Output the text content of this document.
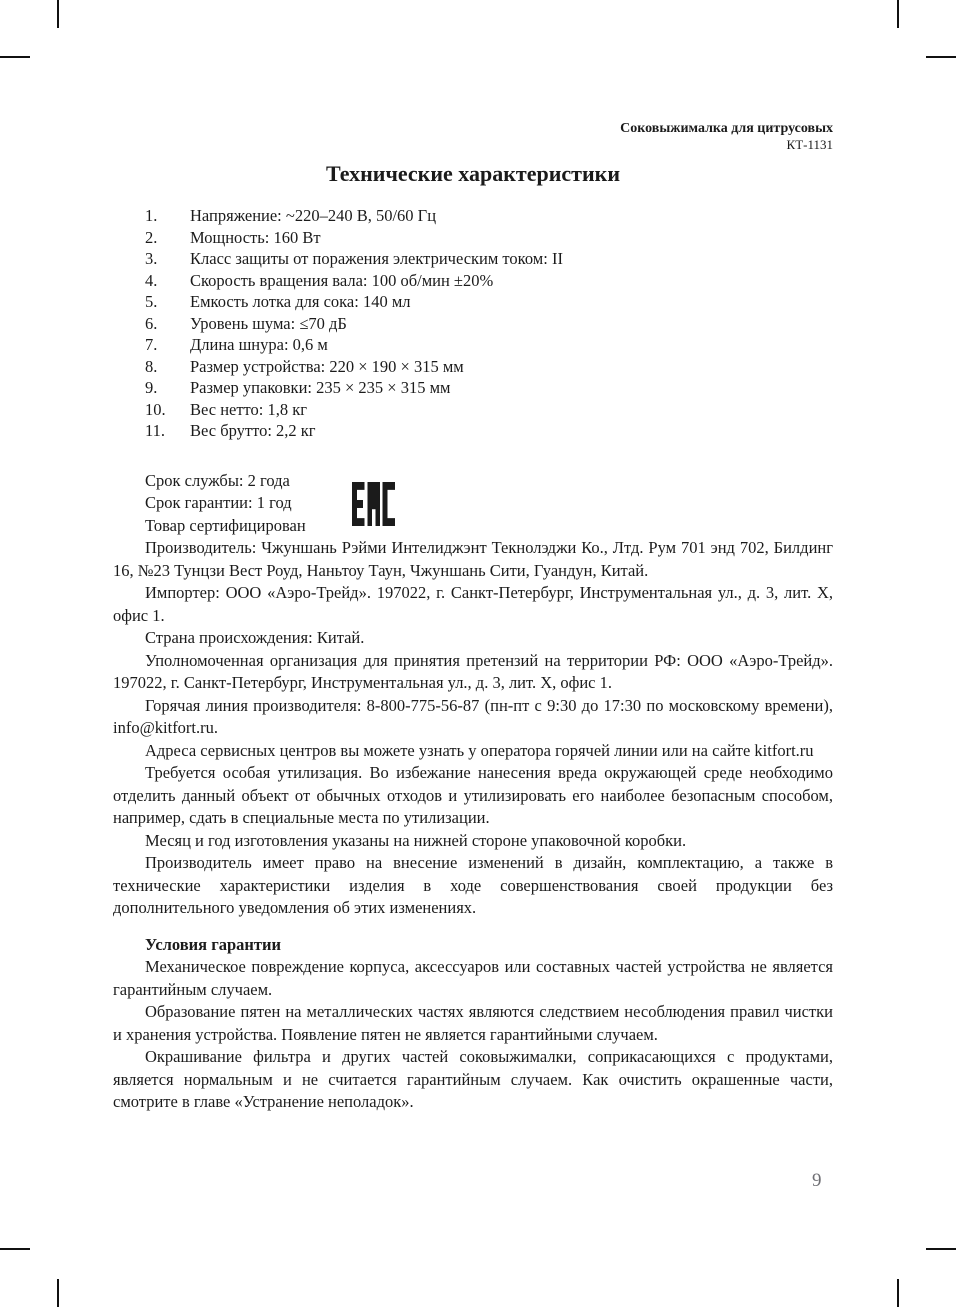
Соковыжималка для цитрусовых
КТ-1131
Технические характеристики
1.	Напряжение: ~220–240 В, 50/60 Гц
2.	Мощность: 160 Вт
3.	Класс защиты от поражения электрическим током: II
4.	Скорость вращения вала: 100 об/мин ±20%
5.	Емкость лотка для сока: 140 мл
6.	Уровень шума: ≤70 дБ
7.	Длина шнура: 0,6 м
8.	Размер устройства: 220 × 190 × 315 мм
9.	Размер упаковки: 235 × 235 × 315 мм
10.	Вес нетто: 1,8 кг
11.	Вес брутто: 2,2 кг
Срок службы: 2 года
Срок гарантии: 1 год
Товар сертифицирован

Производитель: Чжуншань Рэйми Интелиджэнт Текнолэджи Ко., Лтд. Рум 701 энд 702, Билдинг 16, №23 Тунцзи Вест Роуд, Наньтоу Таун, Чжуншань Сити, Гуандун, Китай.

Импортер: ООО «Аэро-Трейд». 197022, г. Санкт-Петербург, Инструментальная ул., д. 3, лит. Х, офис 1.

Страна происхождения: Китай.

Уполномоченная организация для принятия претензий на территории РФ: ООО «Аэро-Трейд». 197022, г. Санкт-Петербург, Инструментальная ул., д. 3, лит. Х, офис 1.

Горячая линия производителя: 8-800-775-56-87 (пн-пт с 9:30 до 17:30 по московскому времени), info@kitfort.ru.

Адреса сервисных центров вы можете узнать у оператора горячей линии или на сайте kitfort.ru

Требуется особая утилизация. Во избежание нанесения вреда окружающей среде необходимо отделить данный объект от обычных отходов и утилизировать его наиболее безопасным способом, например, сдать в специальные места по утилизации.

Месяц и год изготовления указаны на нижней стороне упаковочной коробки.

Производитель имеет право на внесение изменений в дизайн, комплектацию, а также в технические характеристики изделия в ходе совершенствования своей продукции без дополнительного уведомления об этих изменениях.

Условия гарантии

Механическое повреждение корпуса, аксессуаров или составных частей устройства не является гарантийным случаем.

Образование пятен на металлических частях являются следствием несоблюдения правил чистки и хранения устройства. Появление пятен не является гарантийными случаем.

Окрашивание фильтра и других частей соковыжималки, соприкасающихся с продуктами, является нормальным и не считается гарантийным случаем. Как очистить окрашенные части, смотрите в главе «Устранение неполадок».

9
